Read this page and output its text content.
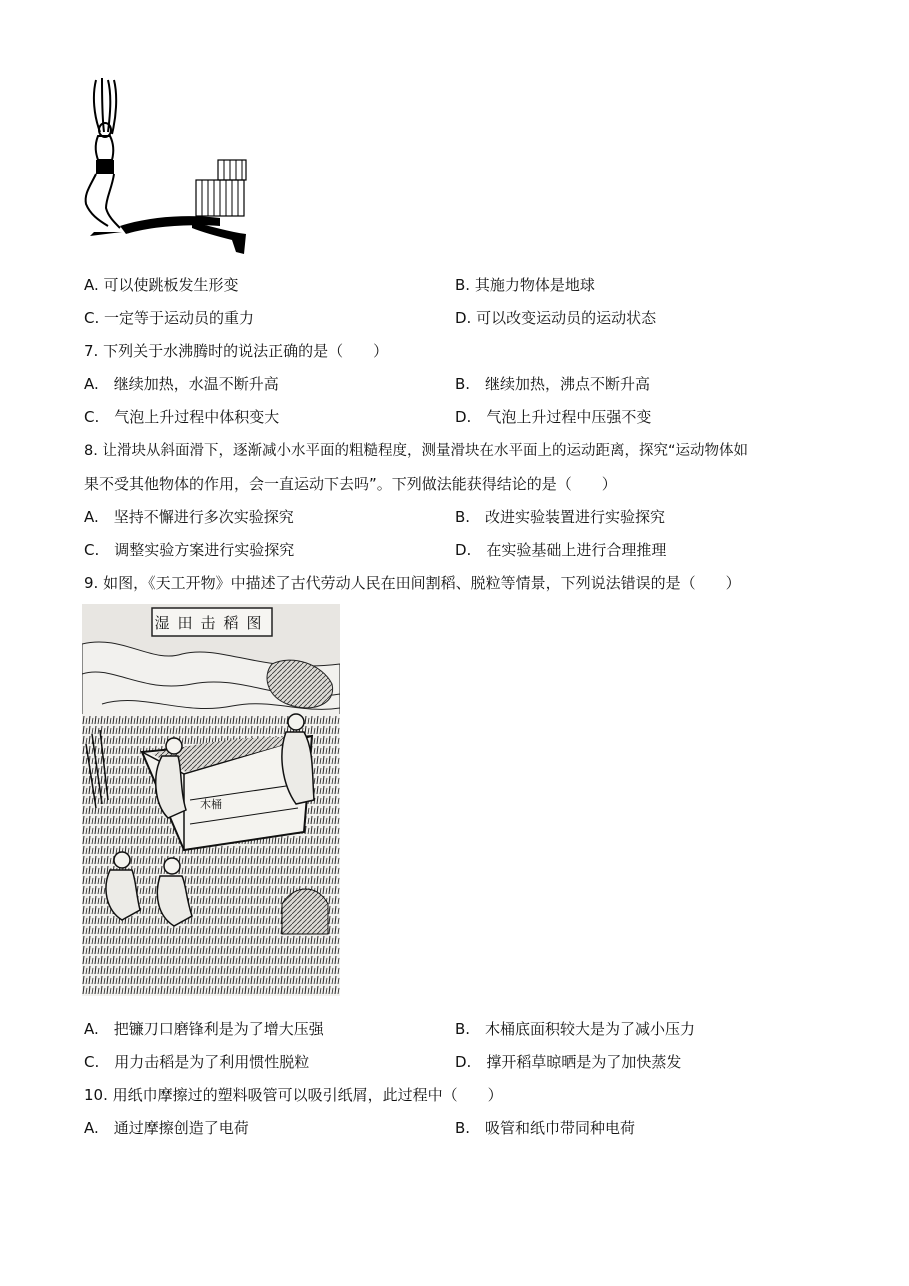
A. 可以使跳板发生形变	B. 其施力物体是地球
C. 一定等于运动员的重力	D. 可以改变运动员的运动状态
7. 下列关于水沸腾时的说法正确的是（　　）
A.　继续加热，水温不断升高	B.　继续加热，沸点不断升高
C.　气泡上升过程中体积变大	D.　气泡上升过程中压强不变
8. 让滑块从斜面滑下，逐渐减小水平面的粗糙程度，测量滑块在水平面上的运动距离，探究“运动物体如
果不受其他物体的作用，会一直运动下去吗”。下列做法能获得结论的是（　　）
A.　坚持不懈进行多次实验探究	B.　改进实验装置进行实验探究
C.　调整实验方案进行实验探究	D.　在实验基础上进行合理推理
9. 如图，《天工开物》中描述了古代劳动人民在田间割稻、脱粒等情景，下列说法错误的是（　　）
湿田击稻图
木桶
A.　把镰刀口磨锋利是为了增大压强	B.　木桶底面积较大是为了减小压力
C.　用力击稻是为了利用惯性脱粒	D.　撑开稻草晾晒是为了加快蒸发
10. 用纸巾摩擦过的塑料吸管可以吸引纸屑，此过程中（　　）
A.　通过摩擦创造了电荷	B.　吸管和纸巾带同种电荷
